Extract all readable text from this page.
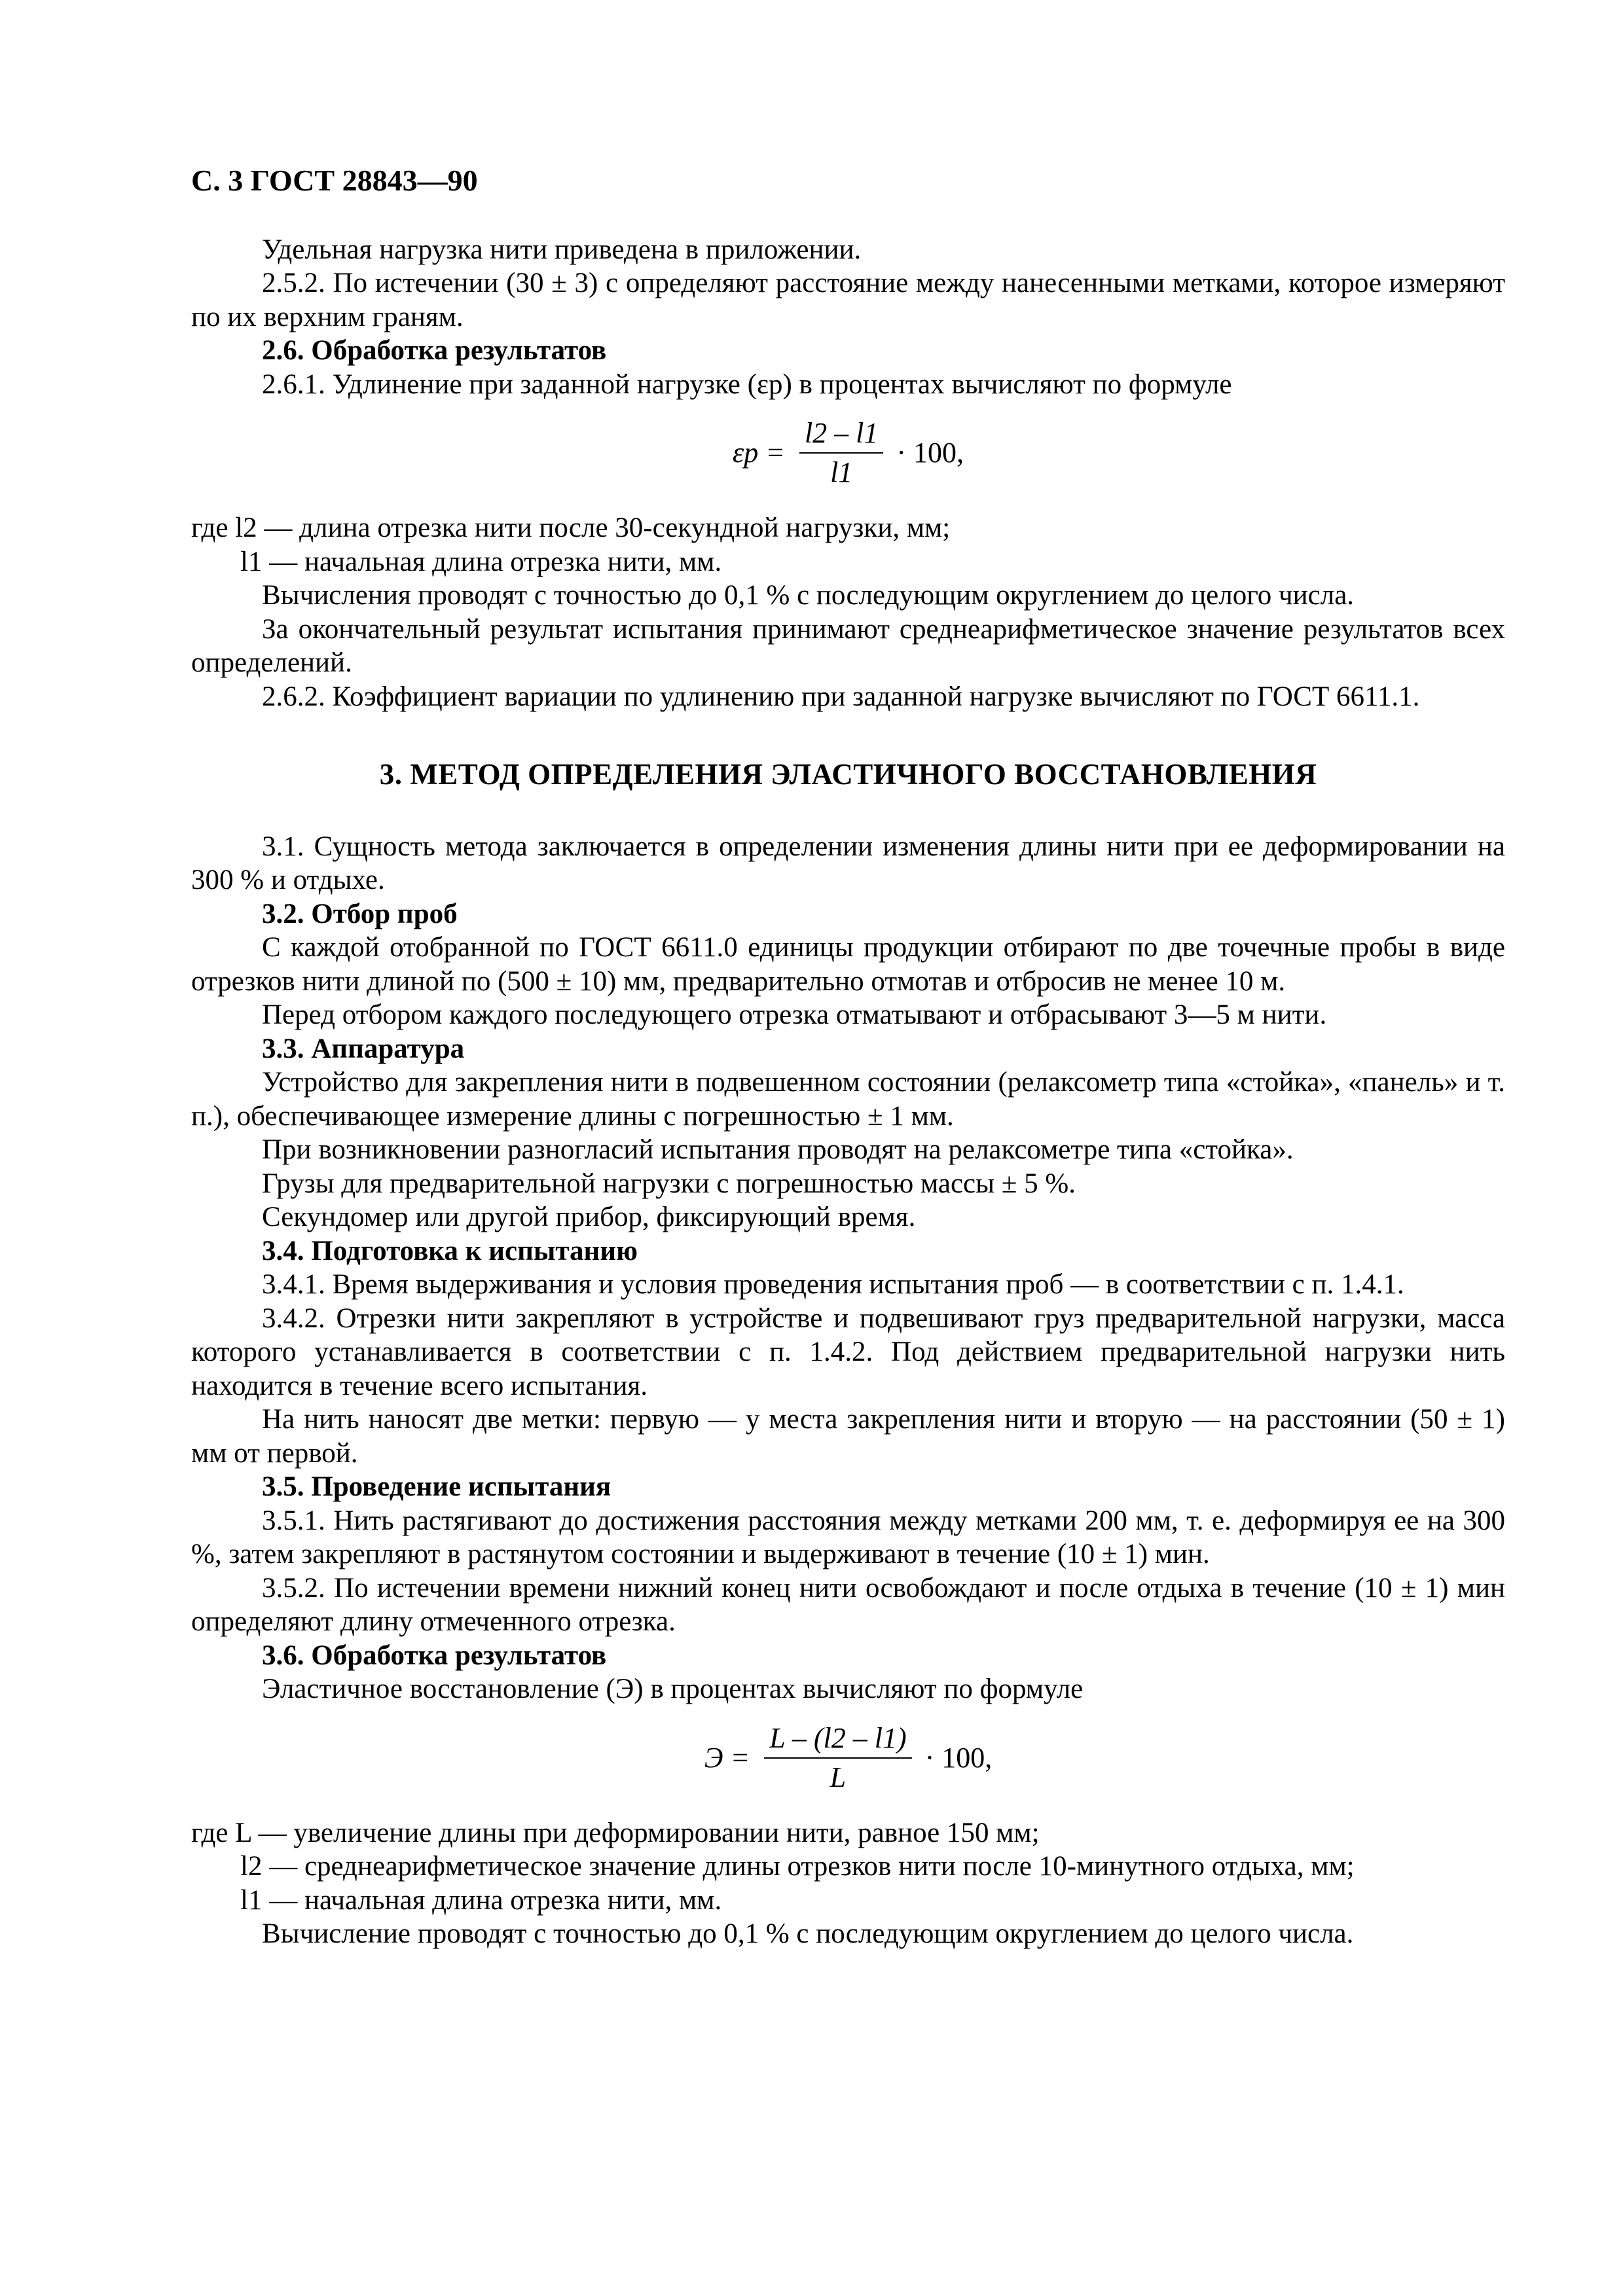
С. 3 ГОСТ 28843—90

Удельная нагрузка нити приведена в приложении.

2.5.2. По истечении (30 ± 3) с определяют расстояние между нанесенными метками, которое измеряют по их верхним граням.

2.6. Обработка результатов

2.6.1. Удлинение при заданной нагрузке (εр) в процентах вычисляют по формуле

$\varepsilon р = \frac{l2 - l1}{l1} \cdot 100$,

где l2 — длина отрезка нити после 30-секундной нагрузки, мм;

l1 — начальная длина отрезка нити, мм.

Вычисления проводят с точностью до 0,1 % с последующим округлением до целого числа.

За окончательный результат испытания принимают среднеарифметическое значение результатов всех определений.

2.6.2. Коэффициент вариации по удлинению при заданной нагрузке вычисляют по ГОСТ 6611.1.

3. МЕТОД ОПРЕДЕЛЕНИЯ ЭЛАСТИЧНОГО ВОССТАНОВЛЕНИЯ

3.1. Сущность метода заключается в определении изменения длины нити при ее деформировании на 300 % и отдыхе.

3.2. Отбор проб

С каждой отобранной по ГОСТ 6611.0 единицы продукции отбирают по две точечные пробы в виде отрезков нити длиной по (500 ± 10) мм, предварительно отмотав и отбросив не менее 10 м.

Перед отбором каждого последующего отрезка отматывают и отбрасывают 3—5 м нити.

3.3. Аппаратура

Устройство для закрепления нити в подвешенном состоянии (релаксометр типа «стойка», «панель» и т. п.), обеспечивающее измерение длины с погрешностью ± 1 мм.

При возникновении разногласий испытания проводят на релаксометре типа «стойка».

Грузы для предварительной нагрузки с погрешностью массы ± 5 %.

Секундомер или другой прибор, фиксирующий время.

3.4. Подготовка к испытанию

3.4.1. Время выдерживания и условия проведения испытания проб — в соответствии с п. 1.4.1.

3.4.2. Отрезки нити закрепляют в устройстве и подвешивают груз предварительной нагрузки, масса которого устанавливается в соответствии с п. 1.4.2. Под действием предварительной нагрузки нить находится в течение всего испытания.

На нить наносят две метки: первую — у места закрепления нити и вторую — на расстоянии (50 ± 1) мм от первой.

3.5. Проведение испытания

3.5.1. Нить растягивают до достижения расстояния между метками 200 мм, т. е. деформируя ее на 300 %, затем закрепляют в растянутом состоянии и выдерживают в течение (10 ± 1) мин.

3.5.2. По истечении времени нижний конец нити освобождают и после отдыха в течение (10 ± 1) мин определяют длину отмеченного отрезка.

3.6. Обработка результатов

Эластичное восстановление (Э) в процентах вычисляют по формуле

$Э = \frac{L - (l2 - l1)}{L} \cdot 100$,

где L — увеличение длины при деформировании нити, равное 150 мм;

l2 — среднеарифметическое значение длины отрезков нити после 10-минутного отдыха, мм;

l1 — начальная длина отрезка нити, мм.

Вычисление проводят с точностью до 0,1 % с последующим округлением до целого числа.
